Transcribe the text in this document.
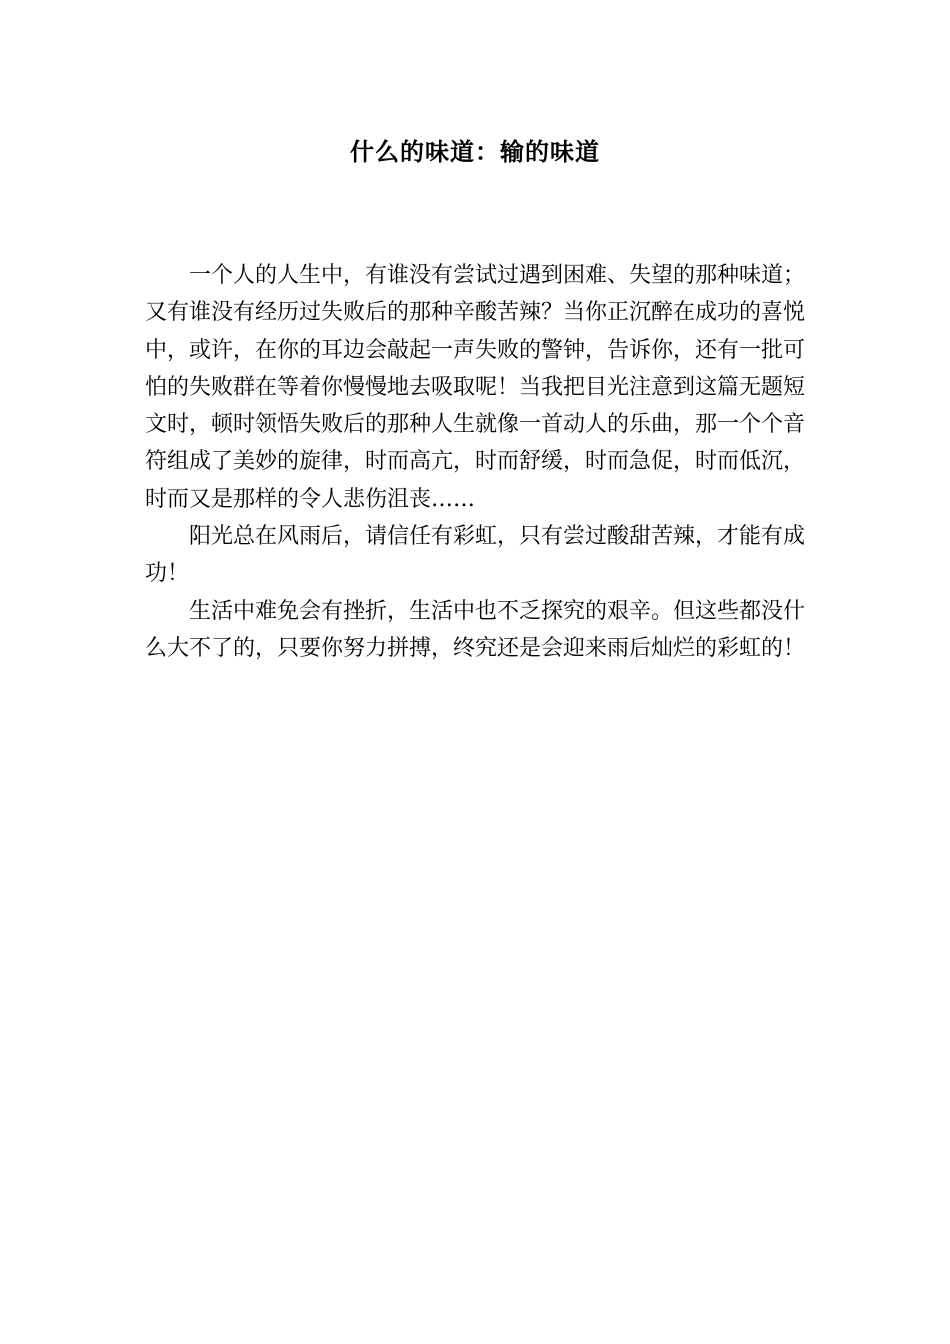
什么的味道：输的味道

一个人的人生中，有谁没有尝试过遇到困难、失望的那种味道；又有谁没有经历过失败后的那种辛酸苦辣？当你正沉醉在成功的喜悦中，或许，在你的耳边会敲起一声失败的警钟，告诉你，还有一批可怕的失败群在等着你慢慢地去吸取呢！当我把目光注意到这篇无题短文时，顿时领悟失败后的那种人生就像一首动人的乐曲，那一个个音符组成了美妙的旋律，时而高亢，时而舒缓，时而急促，时而低沉，时而又是那样的令人悲伤沮丧……

阳光总在风雨后，请信任有彩虹，只有尝过酸甜苦辣，才能有成功！

生活中难免会有挫折，生活中也不乏探究的艰辛。但这些都没什么大不了的，只要你努力拼搏，终究还是会迎来雨后灿烂的彩虹的！
